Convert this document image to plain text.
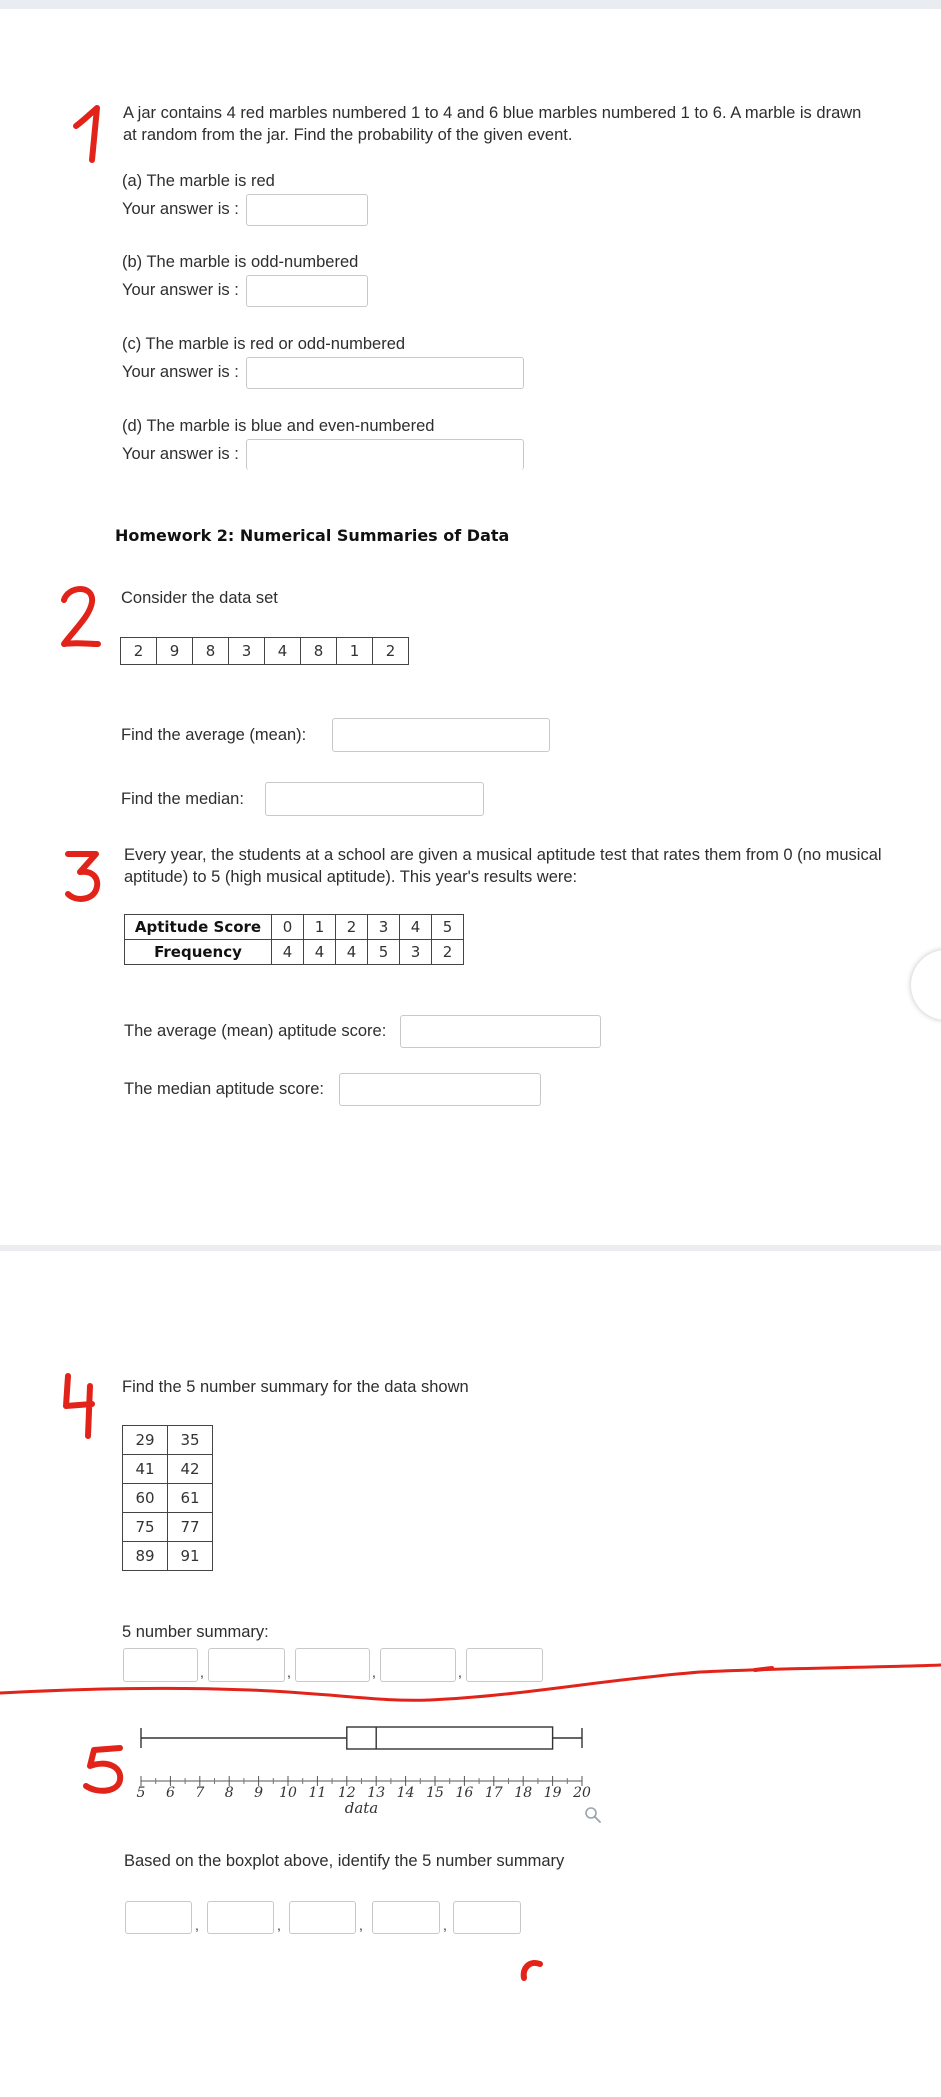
A jar contains 4 red marbles numbered 1 to 4 and 6 blue marbles numbered 1 to 6. A marble is drawn at random from the jar. Find the probability of the given event.
(a) The marble is red
Your answer is :
(b) The marble is odd-numbered
Your answer is :
(c) The marble is red or odd-numbered
Your answer is :
(d) The marble is blue and even-numbered
Your answer is :
Homework 2: Numerical Summaries of Data
Consider the data set
2	9	8	3	4	8	1	2
Find the average (mean):
Find the median:
Every year, the students at a school are given a musical aptitude test that rates them from 0 (no musical aptitude) to 5 (high musical aptitude). This year's results were:
Aptitude Score	0	1	2	3	4	5
Frequency	4	4	4	5	3	2
The average (mean) aptitude score:
The median aptitude score:
Find the 5 number summary for the data shown
29	35
41	42
60	61
75	77
89	91
5 number summary:
,	,	,	,
5 6 7 8 9 10 11 12 13 14 15 16 17 18 19 20
data
Based on the boxplot above, identify the 5 number summary
,	,	,	,
